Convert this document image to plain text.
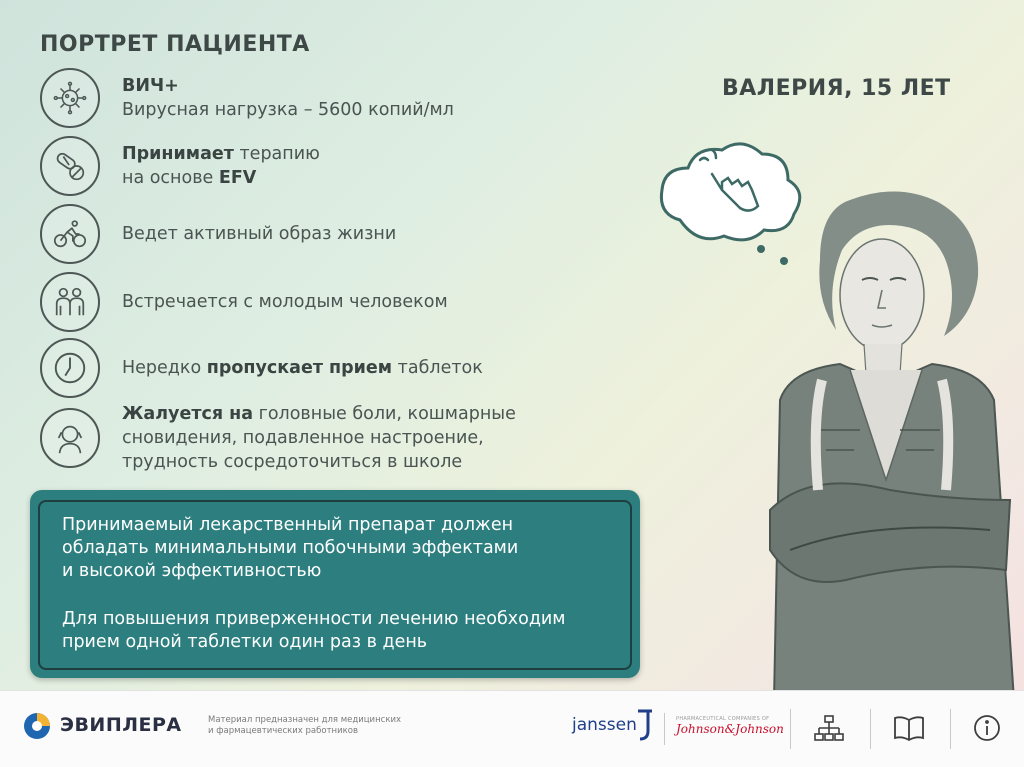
ПОРТРЕТ ПАЦИЕНТА
ВАЛЕРИЯ, 15 ЛЕТ
ВИЧ+
Вирусная нагрузка – 5600 копий/мл
Принимает терапию
на основе EFV
Ведет активный образ жизни
Встречается с молодым человеком
Нередко пропускает прием таблеток
Жалуется на головные боли, кошмарные
сновидения, подавленное настроение,
трудность сосредоточиться в школе

Принимаемый лекарственный препарат должен
обладать минимальными побочными эффектами
и высокой эффективностью

Для повышения приверженности лечению необходим
прием одной таблетки один раз в день

ЭВИПЛЕРА	Материал предназначен для медицинских
и фармацевтических работников	janssen	PHARMACEUTICAL COMPANIES OF
Johnson&Johnson
